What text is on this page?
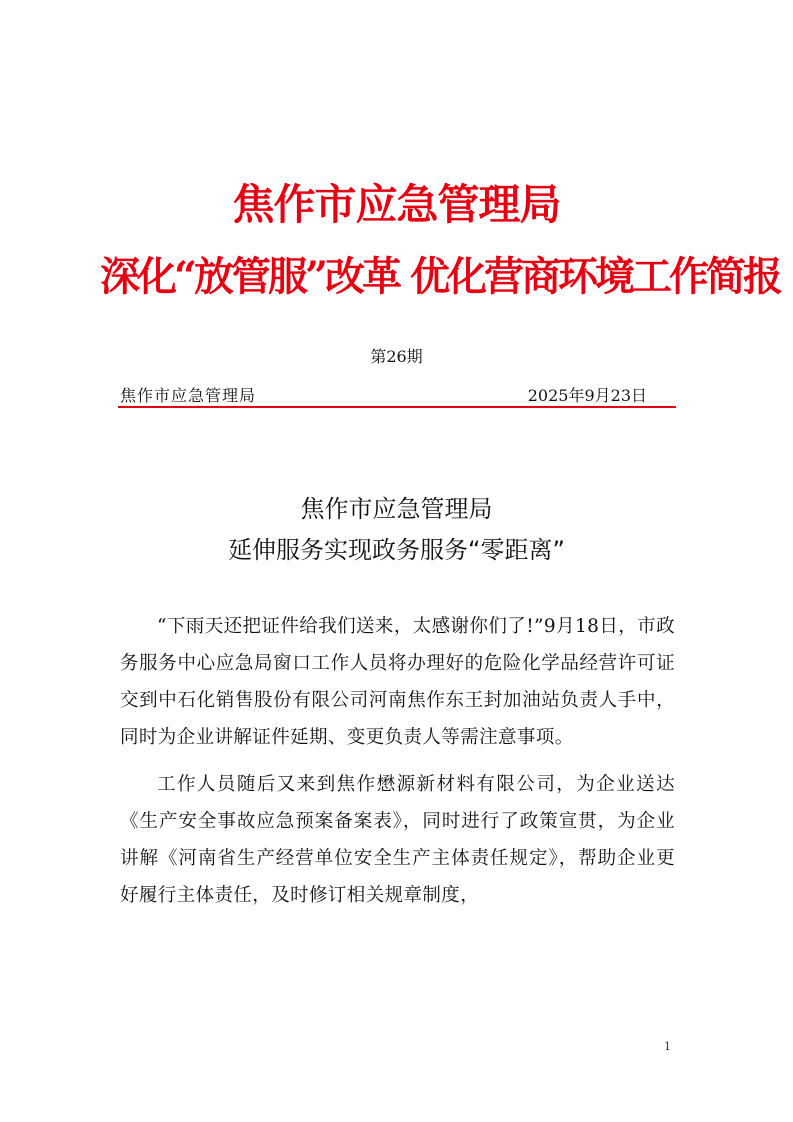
焦作市应急管理局
深化“放管服”改革 优化营商环境工作简报
第26期
焦作市应急管理局	2025年9月23日
焦作市应急管理局
延伸服务实现政务服务“零距离”

“下雨天还把证件给我们送来，太感谢你们了!”9月18日，市政务服务中心应急局窗口工作人员将办理好的危险化学品经营许可证交到中石化销售股份有限公司河南焦作东王封加油站负责人手中，同时为企业讲解证件延期、变更负责人等需注意事项。

工作人员随后又来到焦作懋源新材料有限公司，为企业送达《生产安全事故应急预案备案表》，同时进行了政策宣贯，为企业讲解《河南省生产经营单位安全生产主体责任规定》，帮助企业更好履行主体责任，及时修订相关规章制度，

1
